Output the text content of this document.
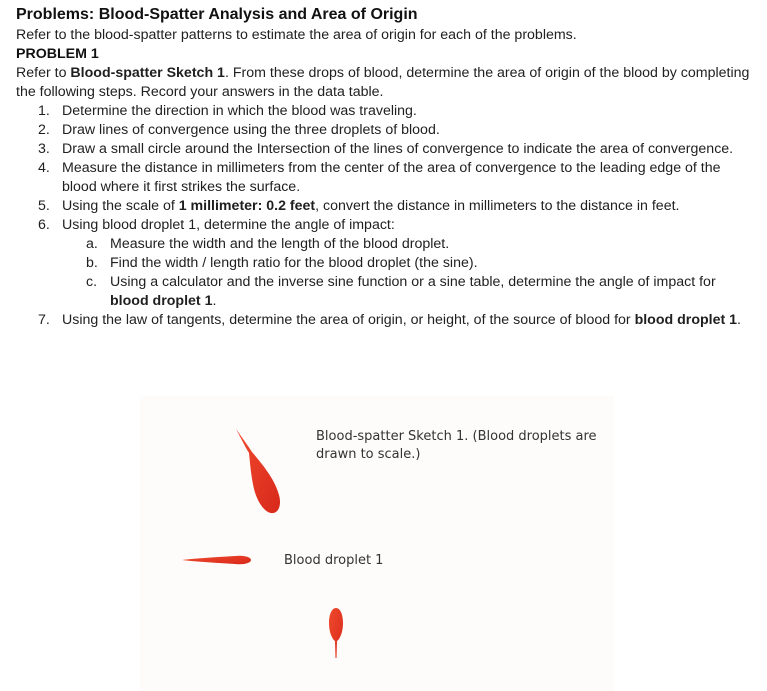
Problems: Blood-Spatter Analysis and Area of Origin

Refer to the blood-spatter patterns to estimate the area of origin for each of the problems.

PROBLEM 1

Refer to Blood-spatter Sketch 1. From these drops of blood, determine the area of origin of the blood by completing the following steps. Record your answers in the data table.

1. Determine the direction in which the blood was traveling.
2. Draw lines of convergence using the three droplets of blood.
3. Draw a small circle around the Intersection of the lines of convergence to indicate the area of convergence.
4. Measure the distance in millimeters from the center of the area of convergence to the leading edge of the blood where it first strikes the surface.
5. Using the scale of 1 millimeter: 0.2 feet, convert the distance in millimeters to the distance in feet.
6. Using blood droplet 1, determine the angle of impact:
a. Measure the width and the length of the blood droplet.
b. Find the width / length ratio for the blood droplet (the sine).
c. Using a calculator and the inverse sine function or a sine table, determine the angle of impact for blood droplet 1.
7. Using the law of tangents, determine the area of origin, or height, of the source of blood for blood droplet 1.
Blood-spatter Sketch 1. (Blood droplets are drawn to scale.)
Blood droplet 1
